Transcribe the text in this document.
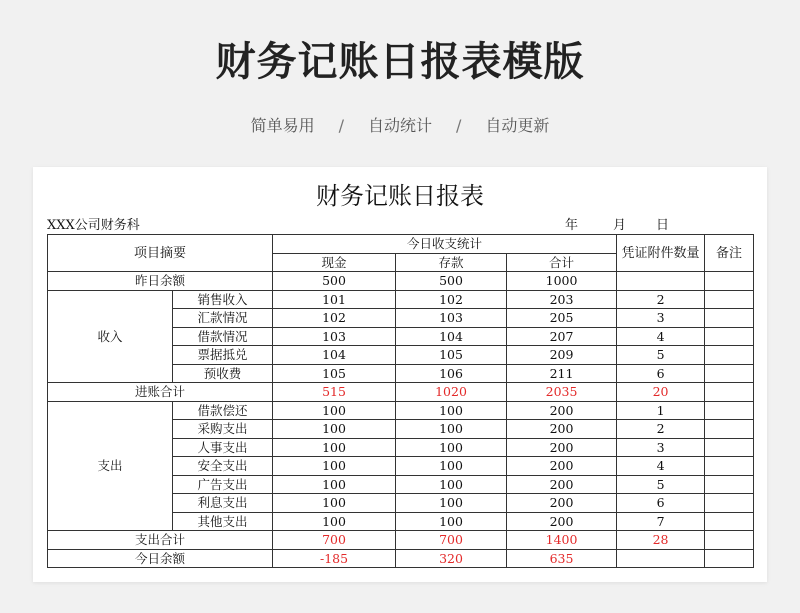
财务记账日报表模版
简单易用 / 自动统计 / 自动更新
财务记账日报表
XXX公司财务科	年	月 日
项目摘要		今日收支统计			凭证附件数量	备注
		现金	存款	合计		
昨日余额		500	500	1000		
收入	销售收入	101	102	203	2	
	汇款情况	102	103	205	3	
	借款情况	103	104	207	4	
	票据抵兑	104	105	209	5	
	预收费	105	106	211	6	
进账合计		515	1020	2035	20	
支出	借款偿还	100	100	200	1	
	采购支出	100	100	200	2	
	人事支出	100	100	200	3	
	安全支出	100	100	200	4	
	广告支出	100	100	200	5	
	利息支出	100	100	200	6	
	其他支出	100	100	200	7	
支出合计		700	700	1400	28	
今日余额		-185	320	635		
